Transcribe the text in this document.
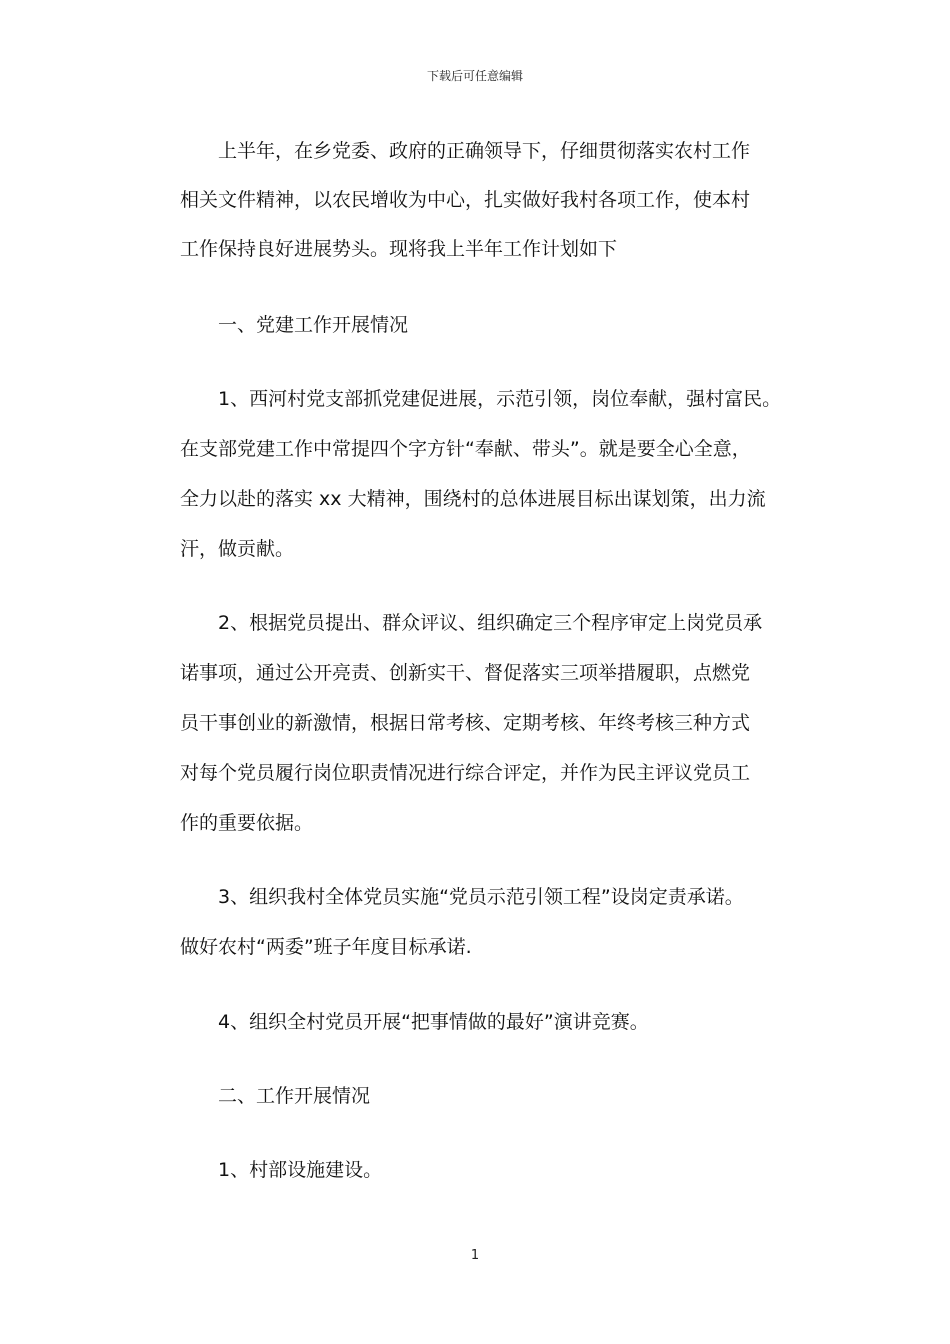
下载后可任意编辑
上半年，在乡党委、政府的正确领导下，仔细贯彻落实农村工作
相关文件精神，以农民增收为中心，扎实做好我村各项工作，使本村
工作保持良好进展势头。现将我上半年工作计划如下
一、党建工作开展情况
1、西河村党支部抓党建促进展，示范引领，岗位奉献，强村富民。
在支部党建工作中常提四个字方针“奉献、带头”。就是要全心全意，
全力以赴的落实 xx 大精神，围绕村的总体进展目标出谋划策，出力流
汗，做贡献。
2、根据党员提出、群众评议、组织确定三个程序审定上岗党员承
诺事项，通过公开亮责、创新实干、督促落实三项举措履职，点燃党
员干事创业的新激情，根据日常考核、定期考核、年终考核三种方式
对每个党员履行岗位职责情况进行综合评定，并作为民主评议党员工
作的重要依据。
3、组织我村全体党员实施“党员示范引领工程”设岗定责承诺。
做好农村“两委”班子年度目标承诺.
4、组织全村党员开展“把事情做的最好”演讲竞赛。
二、工作开展情况
1、村部设施建设。
1
